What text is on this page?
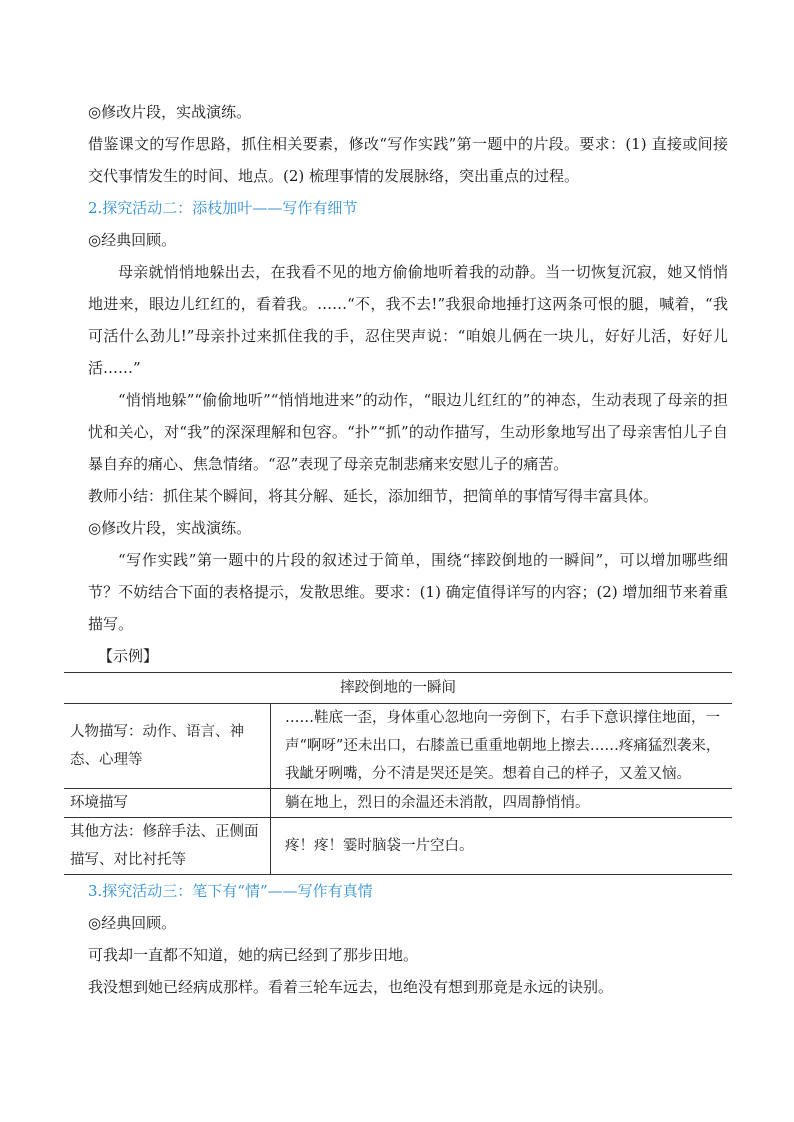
◎修改片段，实战演练。

借鉴课文的写作思路，抓住相关要素，修改“写作实践”第一题中的片段。要求：(1) 直接或间接交代事情发生的时间、地点。(2) 梳理事情的发展脉络，突出重点的过程。

2.探究活动二：添枝加叶——写作有细节

◎经典回顾。

母亲就悄悄地躲出去，在我看不见的地方偷偷地听着我的动静。当一切恢复沉寂，她又悄悄地进来，眼边儿红红的，看着我。……“不，我不去!”我狠命地捶打这两条可恨的腿，喊着，“我可活什么劲儿!”母亲扑过来抓住我的手，忍住哭声说：“咱娘儿俩在一块儿，好好儿活，好好儿活……”

“悄悄地躲”“偷偷地听”“悄悄地进来”的动作，“眼边儿红红的”的神态，生动表现了母亲的担忧和关心，对“我”的深深理解和包容。“扑”“抓”的动作描写，生动形象地写出了母亲害怕儿子自暴自弃的痛心、焦急情绪。“忍”表现了母亲克制悲痛来安慰儿子的痛苦。

教师小结：抓住某个瞬间，将其分解、延长，添加细节，把简单的事情写得丰富具体。

◎修改片段，实战演练。

“写作实践”第一题中的片段的叙述过于简单，围绕“摔跤倒地的一瞬间”，可以增加哪些细节？不妨结合下面的表格提示，发散思维。要求：(1) 确定值得详写的内容；(2) 增加细节来着重描写。

【示例】

摔跤倒地的一瞬间	
人物描写：动作、语言、神态、心理等	……鞋底一歪，身体重心忽地向一旁倒下，右手下意识撑住地面，一声“啊呀”还未出口，右膝盖已重重地朝地上擦去……疼痛猛烈袭来，我龇牙咧嘴，分不清是哭还是笑。想着自己的样子，又羞又恼。
环境描写	躺在地上，烈日的余温还未消散，四周静悄悄。
其他方法：修辞手法、正侧面描写、对比衬托等	疼！疼！霎时脑袋一片空白。

3.探究活动三：笔下有“情”——写作有真情

◎经典回顾。

可我却一直都不知道，她的病已经到了那步田地。

我没想到她已经病成那样。看着三轮车远去，也绝没有想到那竟是永远的诀别。
